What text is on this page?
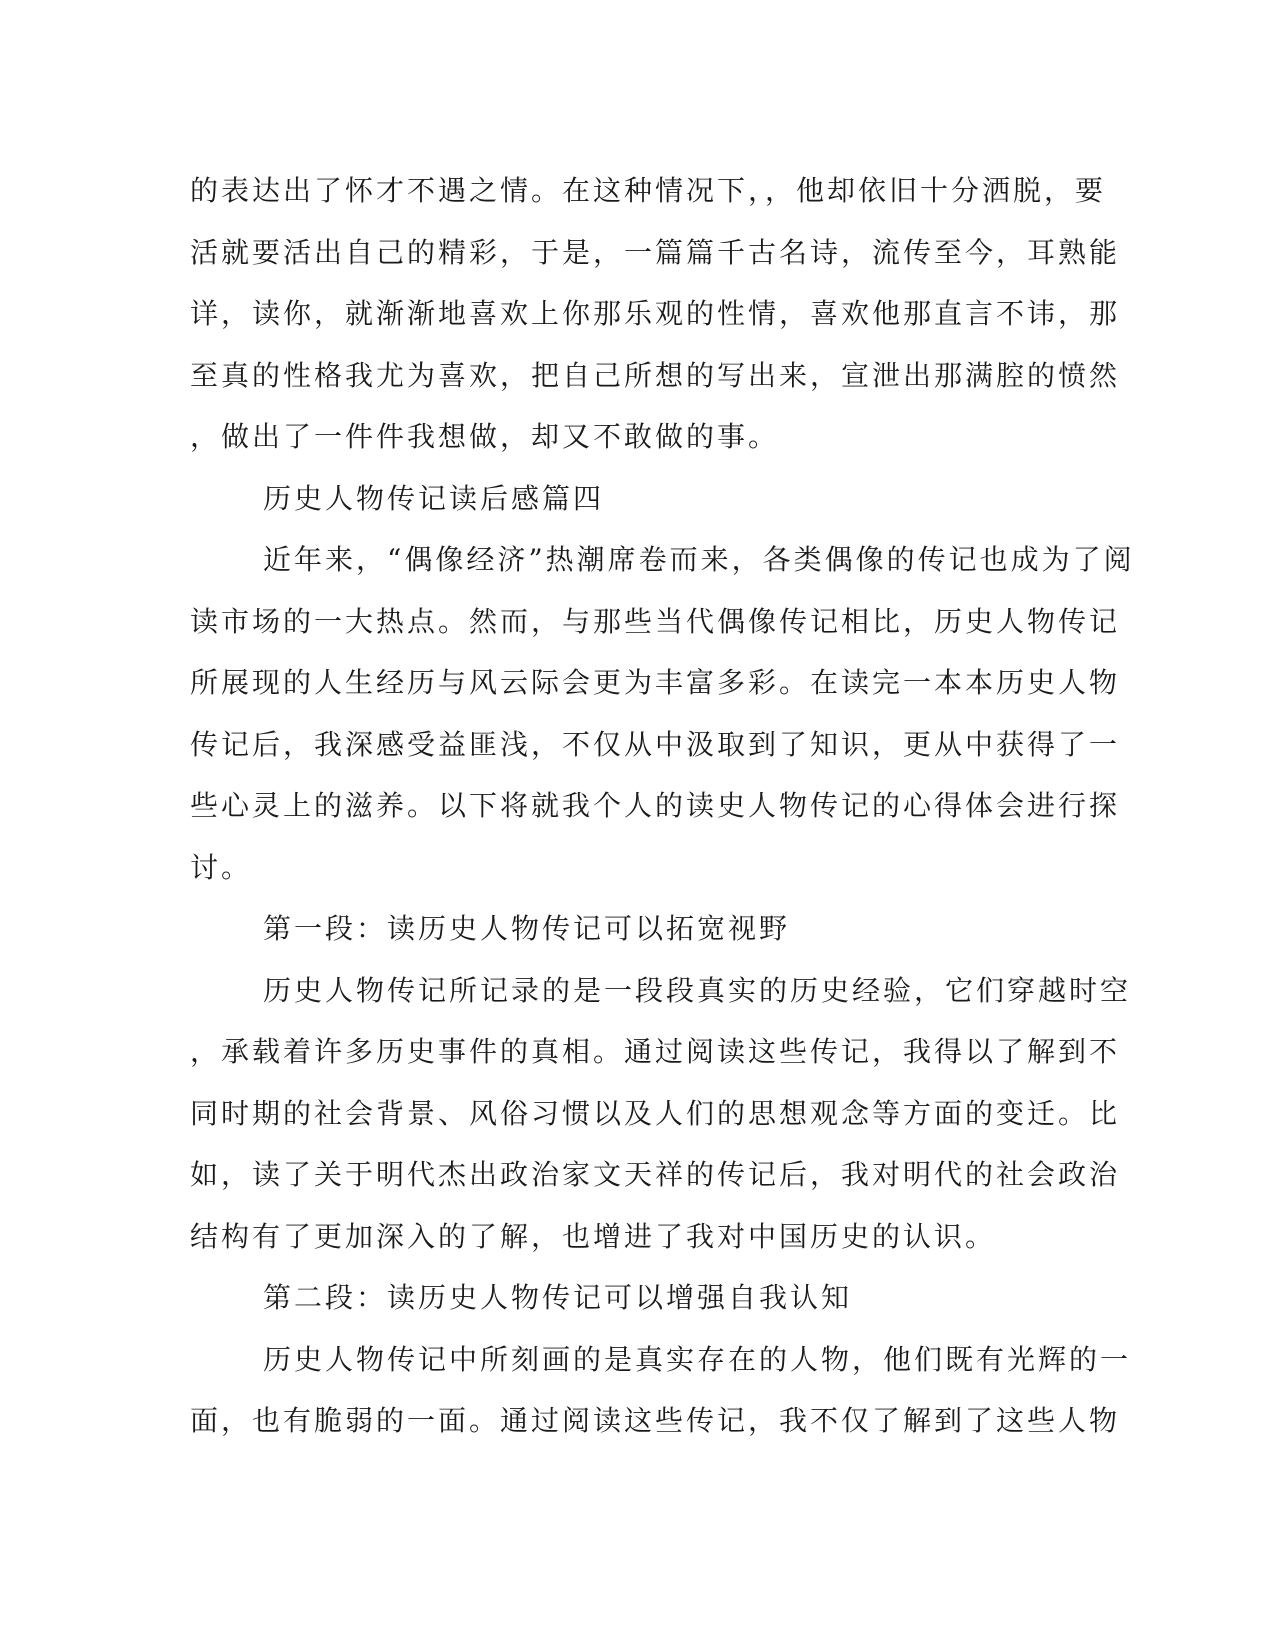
的表达出了怀才不遇之情。在这种情况下，，他却依旧十分洒脱，要
活就要活出自己的精彩，于是，一篇篇千古名诗，流传至今，耳熟能
详，读你，就渐渐地喜欢上你那乐观的性情，喜欢他那直言不讳，那
至真的性格我尤为喜欢，把自己所想的写出来，宣泄出那满腔的愤然
，做出了一件件我想做，却又不敢做的事。
历史人物传记读后感篇四
近年来，“偶像经济”热潮席卷而来，各类偶像的传记也成为了阅
读市场的一大热点。然而，与那些当代偶像传记相比，历史人物传记
所展现的人生经历与风云际会更为丰富多彩。在读完一本本历史人物
传记后，我深感受益匪浅，不仅从中汲取到了知识，更从中获得了一
些心灵上的滋养。以下将就我个人的读史人物传记的心得体会进行探
讨。
第一段：读历史人物传记可以拓宽视野
历史人物传记所记录的是一段段真实的历史经验，它们穿越时空
，承载着许多历史事件的真相。通过阅读这些传记，我得以了解到不
同时期的社会背景、风俗习惯以及人们的思想观念等方面的变迁。比
如，读了关于明代杰出政治家文天祥的传记后，我对明代的社会政治
结构有了更加深入的了解，也增进了我对中国历史的认识。
第二段：读历史人物传记可以增强自我认知
历史人物传记中所刻画的是真实存在的人物，他们既有光辉的一
面，也有脆弱的一面。通过阅读这些传记，我不仅了解到了这些人物
